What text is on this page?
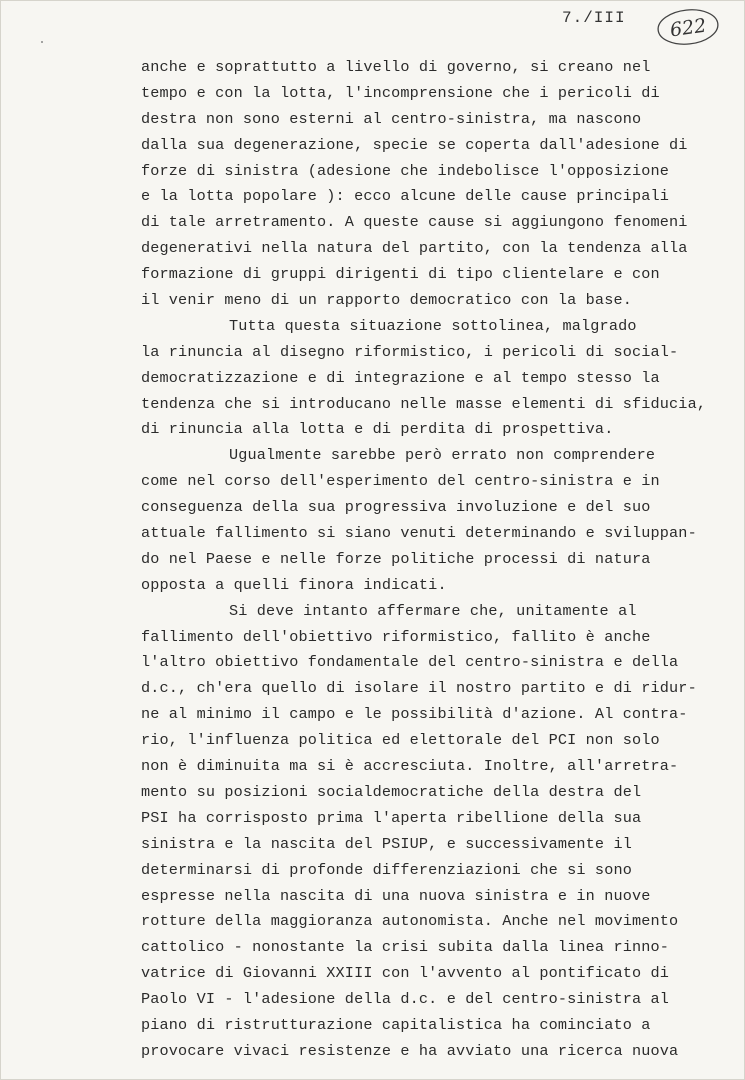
7./III 622
anche e soprattutto a livello di governo, si creano nel
tempo e con la lotta, l'incomprensione che i pericoli di
destra non sono esterni al centro-sinistra, ma nascono
dalla sua degenerazione, specie se coperta dall'adesione di
forze di sinistra (adesione che indebolisce l'opposizione
e la lotta popolare ): ecco alcune delle cause principali
di tale arretramento. A queste cause si aggiungono fenomeni
degenerativi nella natura del partito, con la tendenza alla
formazione di gruppi dirigenti di tipo clientelare e con
il venir meno di un rapporto democratico con la base.
Tutta questa situazione sottolinea, malgrado
la rinuncia al disegno riformistico, i pericoli di social-
democratizzazione e di integrazione e al tempo stesso la
tendenza che si introducano nelle masse elementi di sfiducia,
di rinuncia alla lotta e di perdita di prospettiva.
Ugualmente sarebbe però errato non comprendere
come nel corso dell'esperimento del centro-sinistra e in
conseguenza della sua progressiva involuzione e del suo
attuale fallimento si siano venuti determinando e sviluppan-
do nel Paese e nelle forze politiche processi di natura
opposta a quelli finora indicati.
Si deve intanto affermare che, unitamente al
fallimento dell'obiettivo riformistico, fallito è anche
l'altro obiettivo fondamentale del centro-sinistra e della
d.c., ch'era quello di isolare il nostro partito e di ridur-
ne al minimo il campo e le possibilità d'azione. Al contra-
rio, l'influenza politica ed elettorale del PCI non solo
non è diminuita ma si è accresciuta. Inoltre, all'arretra-
mento su posizioni socialdemocratiche della destra del
PSI ha corrisposto prima l'aperta ribellione della sua
sinistra e la nascita del PSIUP, e successivamente il
determinarsi di profonde differenziazioni che si sono
espresse nella nascita di una nuova sinistra e in nuove
rotture della maggioranza autonomista. Anche nel movimento
cattolico - nonostante la crisi subita dalla linea rinno-
vatrice di Giovanni XXIII con l'avvento al pontificato di
Paolo VI - l'adesione della d.c. e del centro-sinistra al
piano di ristrutturazione capitalistica ha cominciato a
provocare vivaci resistenze e ha avviato una ricerca nuova
